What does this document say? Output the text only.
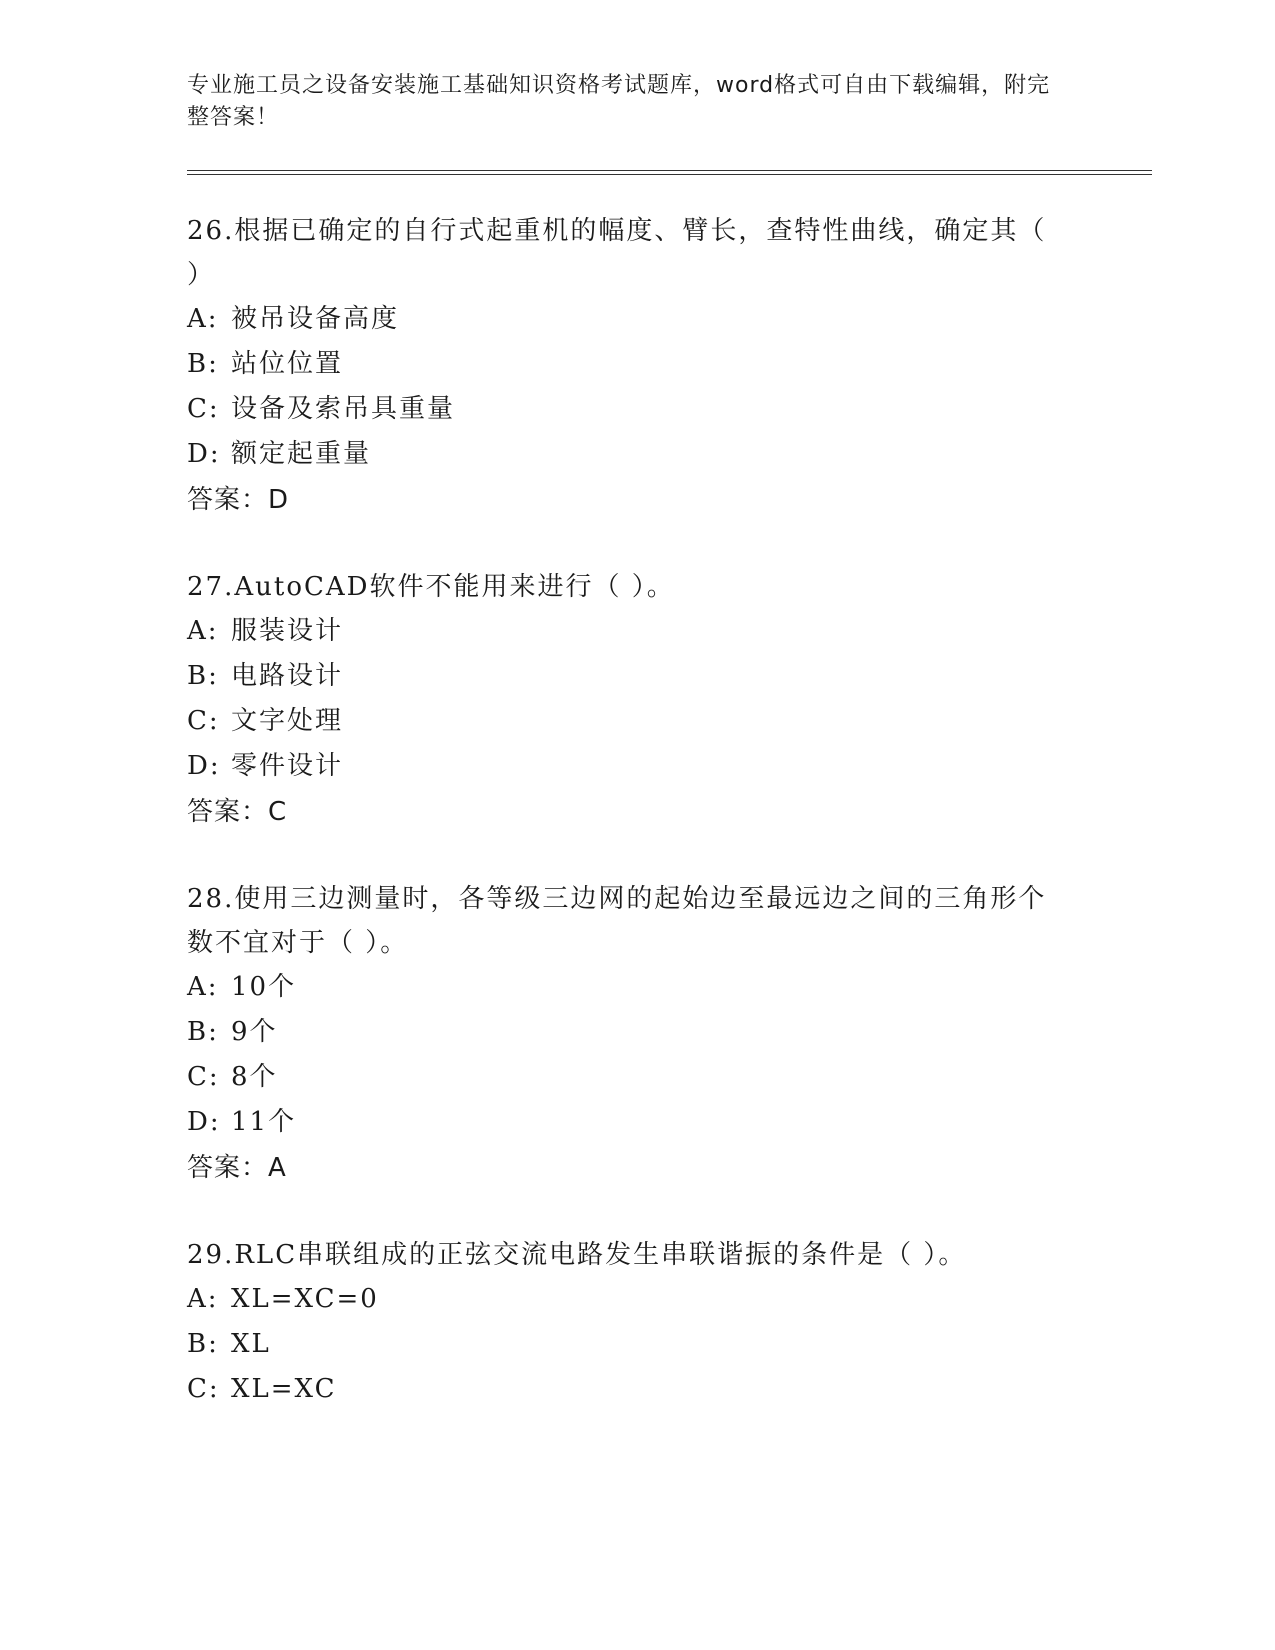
专业施工员之设备安装施工基础知识资格考试题库，word格式可自由下载编辑，附完整答案！
26.根据已确定的自行式起重机的幅度、臂长，查特性曲线，确定其（ ）
A: 被吊设备高度
B: 站位位置
C: 设备及索吊具重量
D: 额定起重量
答案：D
27.AutoCAD软件不能用来进行（ ）。
A: 服装设计
B: 电路设计
C: 文字处理
D: 零件设计
答案：C
28.使用三边测量时，各等级三边网的起始边至最远边之间的三角形个数不宜对于（ ）。
A: 10个
B: 9个
C: 8个
D: 11个
答案：A
29.RLC串联组成的正弦交流电路发生串联谐振的条件是（ ）。
A: XL=XC=0
B: XL
C: XL=XC
